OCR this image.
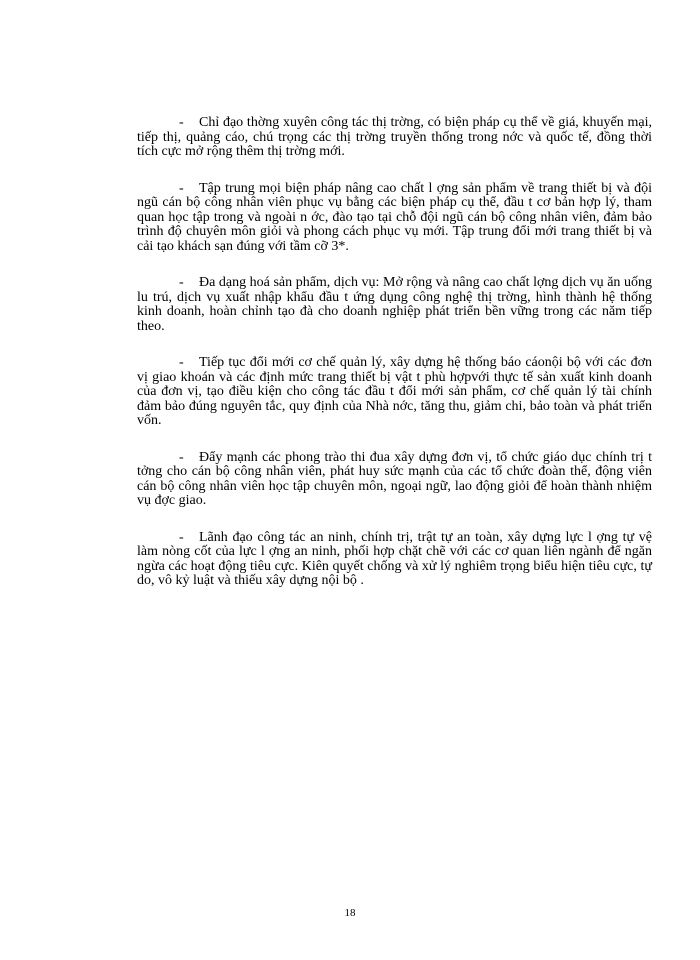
- Chỉ đạo thờng xuyên công tác thị trờng, có biện pháp cụ thể về giá, khuyến mại, tiếp thị, quảng cáo, chú trọng các thị trờng truyền thống trong nớc và quốc tế, đồng thời tích cực mở rộng thêm thị trờng mới.

- Tập trung mọi biện pháp nâng cao chất l ợng sản phẩm về trang thiết bị và đội ngũ cán bộ công nhân viên phục vụ bằng các biện pháp cụ thể, đầu t cơ bản hợp lý, tham quan học tập trong và ngoài n ớc, đào tạo tại chỗ đội ngũ cán bộ công nhân viên, đảm bảo trình độ chuyên môn giỏi và phong cách phục vụ mới. Tập trung đổi mới trang thiết bị và cải tạo khách sạn đúng với tầm cỡ 3*.

- Đa dạng hoá sản phẩm, dịch vụ: Mở rộng và nâng cao chất lợng dịch vụ ăn uống lu trú, dịch vụ xuất nhập khẩu đầu t ứng dụng công nghệ thị trờng, hình thành hệ thống kinh doanh, hoàn chỉnh tạo đà cho doanh nghiệp phát triển bền vững trong các năm tiếp theo.

- Tiếp tục đổi mới cơ chế quản lý, xây dựng hệ thống báo cáonội bộ với các đơn vị giao khoán và các định mức trang thiết bị vật t phù hợpvới thực tế sản xuất kinh doanh của đơn vị, tạo điều kiện cho công tác đầu t đổi mới sản phẩm, cơ chế quản lý tài chính đảm bảo đúng nguyên tắc, quy định của Nhà nớc, tăng thu, giảm chi, bảo toàn và phát triển vốn.

- Đẩy mạnh các phong trào thi đua xây dựng đơn vị, tổ chức giáo dục chính trị t tởng cho cán bộ công nhân viên, phát huy sức mạnh của các tổ chức đoàn thể, động viên cán bộ công nhân viên học tập chuyên môn, ngoại ngữ, lao động giỏi để hoàn thành nhiệm vụ đợc giao.

- Lãnh đạo công tác an ninh, chính trị, trật tự an toàn, xây dựng lực l ợng tự vệ làm nòng cốt của lực l ợng an ninh, phối hợp chặt chẽ với các cơ quan liên ngành để ngăn ngừa các hoạt động tiêu cực. Kiên quyết chống và xử lý nghiêm trọng biểu hiện tiêu cực, tự do, vô kỷ luật và thiếu xây dựng nội bộ .

18
